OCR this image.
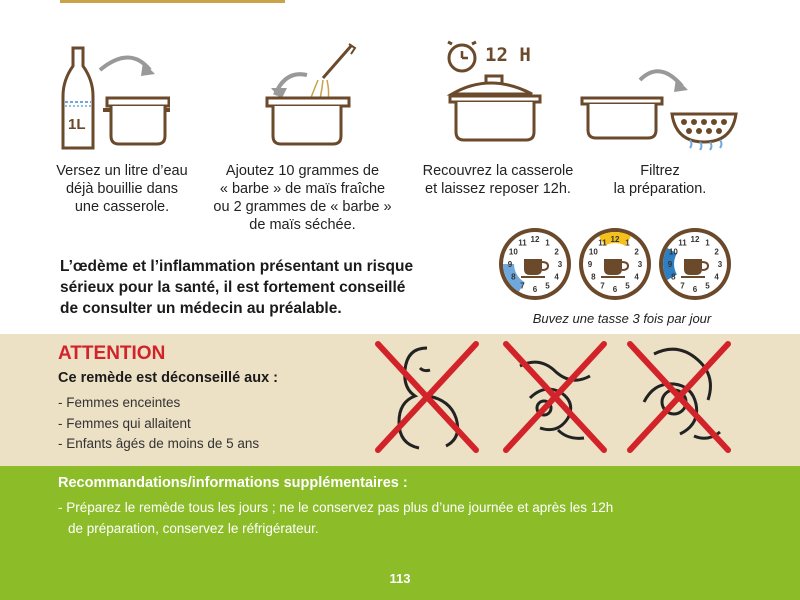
1L
12 H
Versez un litre d’eau
déjà bouillie dans
une casserole.
Ajoutez 10 grammes de
« barbe » de maïs fraîche
ou 2 grammes de « barbe »
de maïs séchée.
Recouvrez la casserole
et laissez reposer 12h.
Filtrez
la préparation.
L’œdème et l’inflammation présentant un risque
sérieux pour la santé, il est fortement conseillé
de consulter un médecin au préalable.
12 1
2
3
4
5
6
7
8
9
10
11	12 1
2
3
4
5
6
7
8
9
10
11	12 1
2
3
4
5
6
7
8
9
10
11
Buvez une tasse 3 fois par jour
ATTENTION
Ce remède est déconseillé aux :
- Femmes enceintes
- Femmes qui allaitent
- Enfants âgés de moins de 5 ans
Recommandations/informations supplémentaires :
- Préparez le remède tous les jours ; ne le conservez pas plus d’une journée et après les 12h
de préparation, conservez le réfrigérateur.
113
